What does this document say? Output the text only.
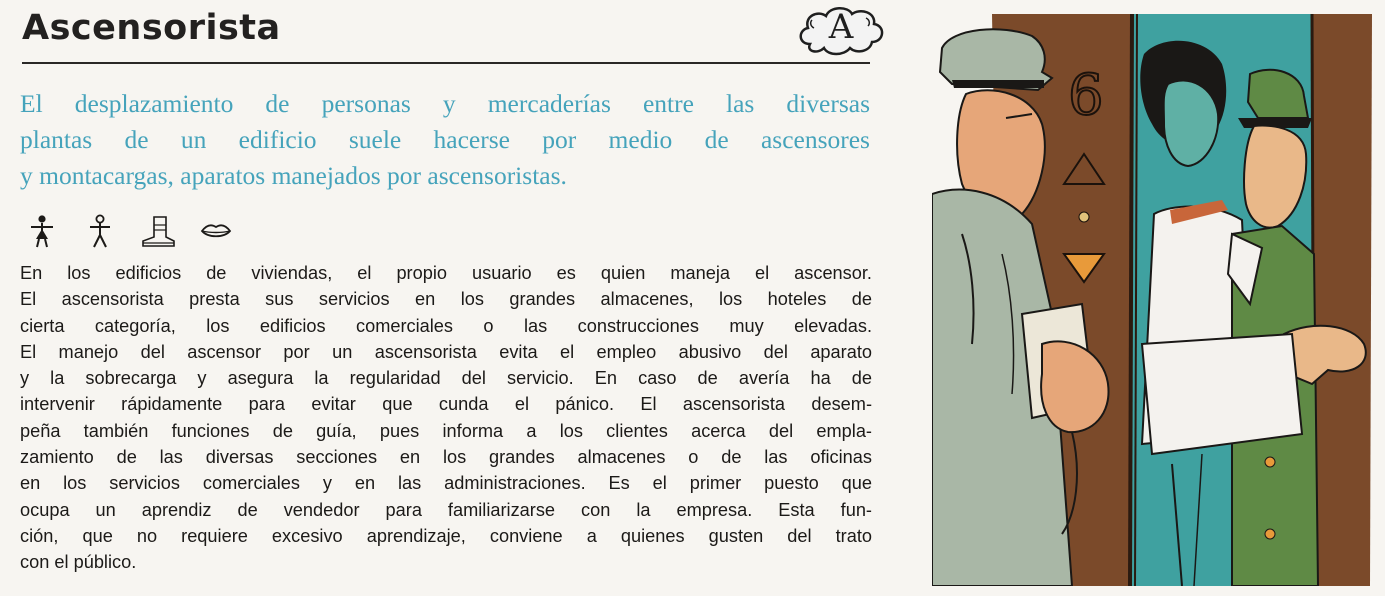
Ascensorista	A
El desplazamiento de personas y mercaderías entre las diversas
plantas de un edificio suele hacerse por medio de ascensores
y montacargas, aparatos manejados por ascensoristas.
En los edificios de viviendas, el propio usuario es quien maneja el ascensor.
El ascensorista presta sus servicios en los grandes almacenes, los hoteles de
cierta categoría, los edificios comerciales o las construcciones muy elevadas.
El manejo del ascensor por un ascensorista evita el empleo abusivo del aparato
y la sobrecarga y asegura la regularidad del servicio. En caso de avería ha de
intervenir rápidamente para evitar que cunda el pánico. El ascensorista desem-
peña también funciones de guía, pues informa a los clientes acerca del empla-
zamiento de las diversas secciones en los grandes almacenes o de las oficinas
en los servicios comerciales y en las administraciones. Es el primer puesto que
ocupa un aprendiz de vendedor para familiarizarse con la empresa. Esta fun-
ción, que no requiere excesivo aprendizaje, conviene a quienes gusten del trato
con el público.
6
